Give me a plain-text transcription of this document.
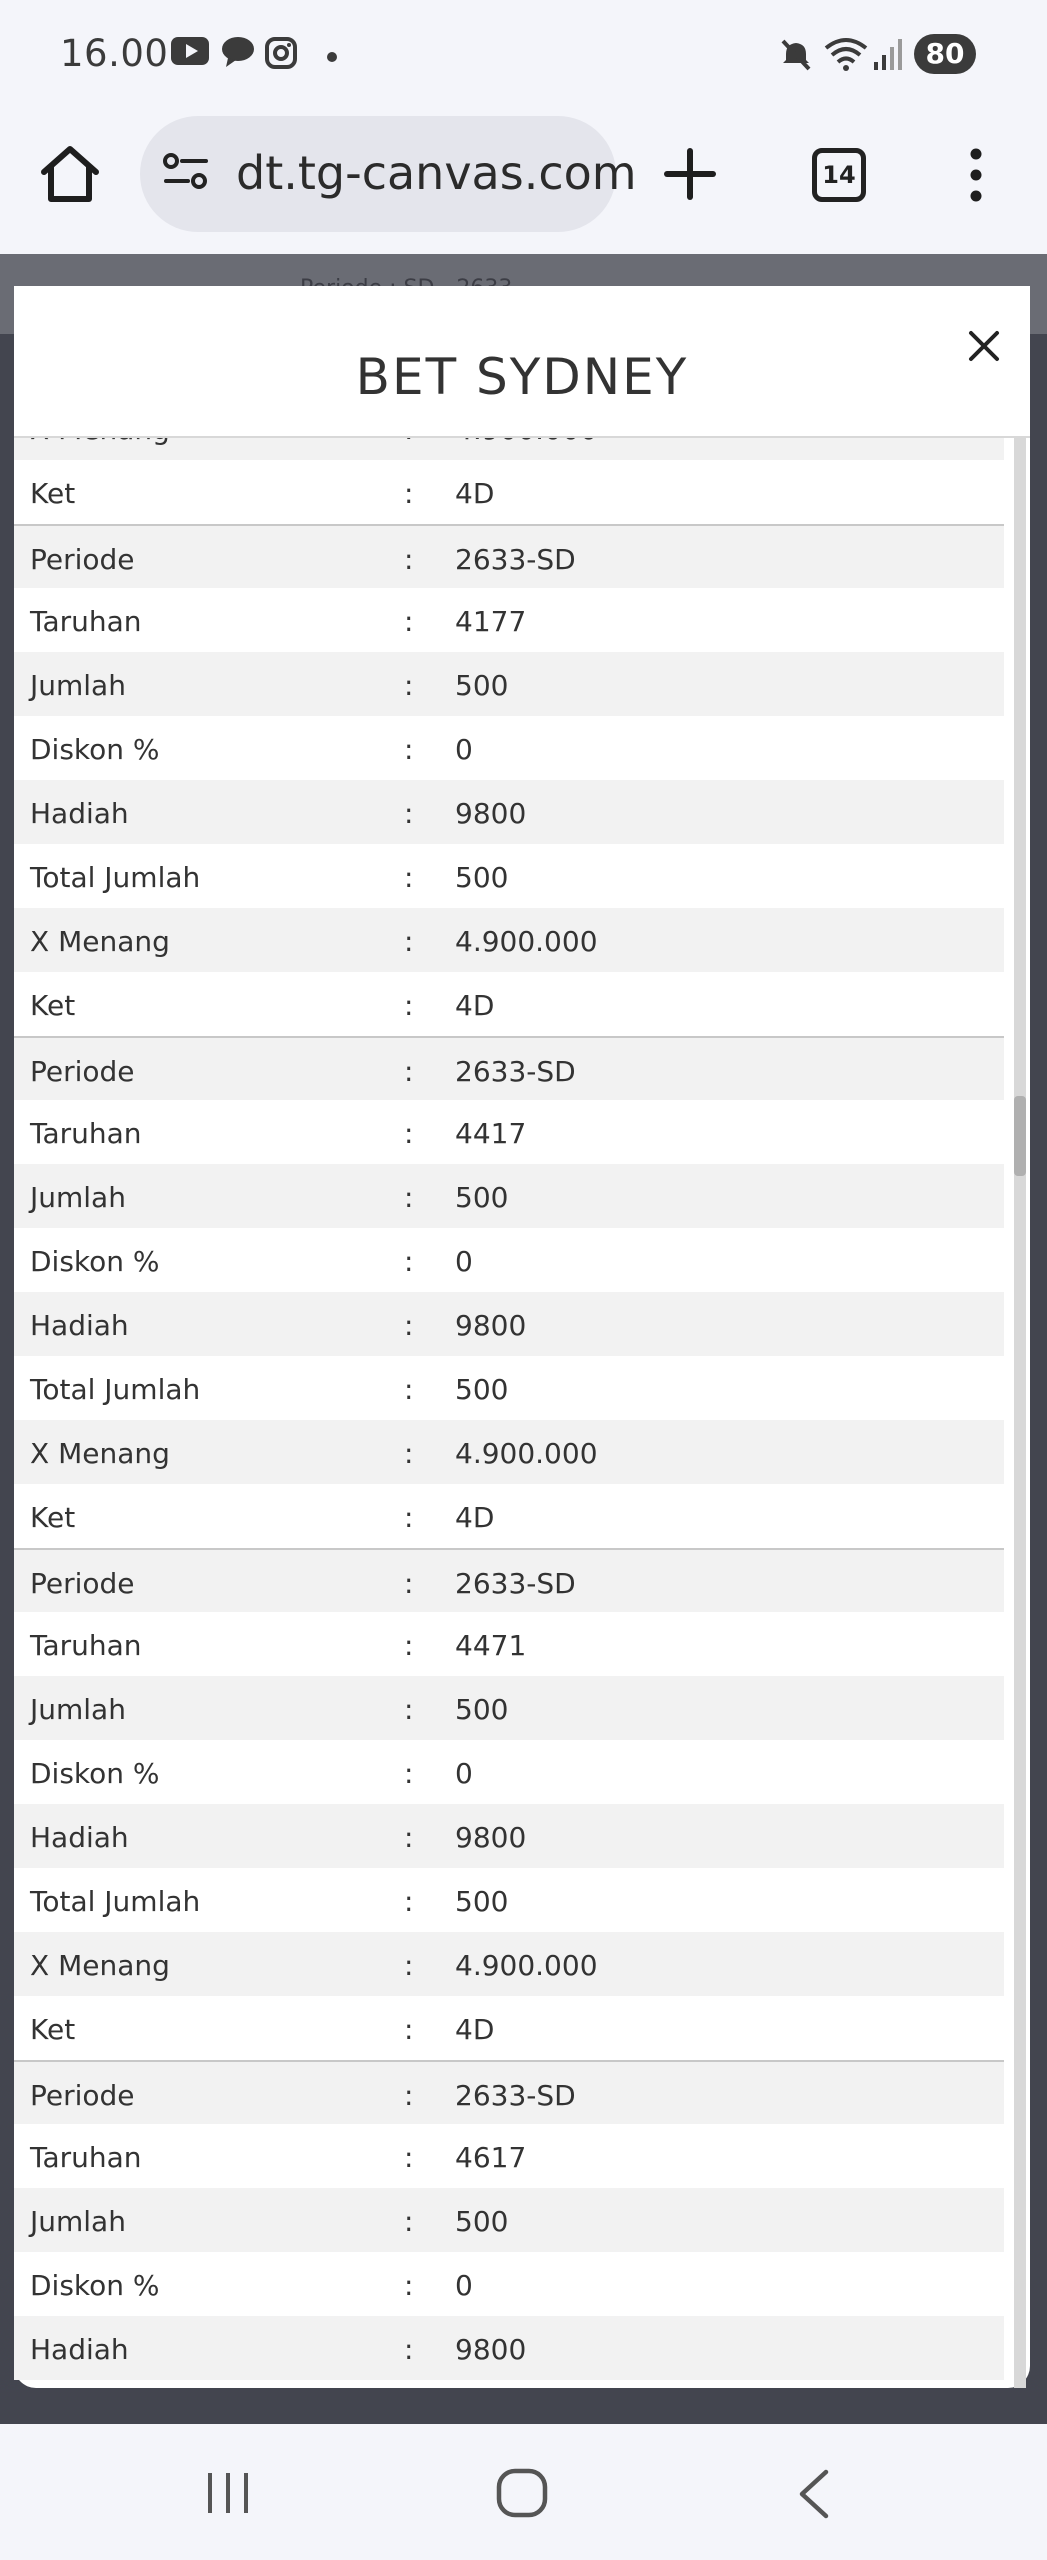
16.00	80
dt.tg-canvas.com	14
BET SYDNEY
Ket	: 4D
Periode	: 2633-SD
Taruhan	: 4177
Jumlah	: 500
Diskon %	: 0
Hadiah	: 9800
Total Jumlah	: 500
X Menang	: 4.900.000
Ket	: 4D
Periode	: 2633-SD
Taruhan	: 4417
Jumlah	: 500
Diskon %	: 0
Hadiah	: 9800
Total Jumlah	: 500
X Menang	: 4.900.000
Ket	: 4D
Periode	: 2633-SD
Taruhan	: 4471
Jumlah	: 500
Diskon %	: 0
Hadiah	: 9800
Total Jumlah	: 500
X Menang	: 4.900.000
Ket	: 4D
Periode	: 2633-SD
Taruhan	: 4617
Jumlah	: 500
Diskon %	: 0
Hadiah	: 9800
